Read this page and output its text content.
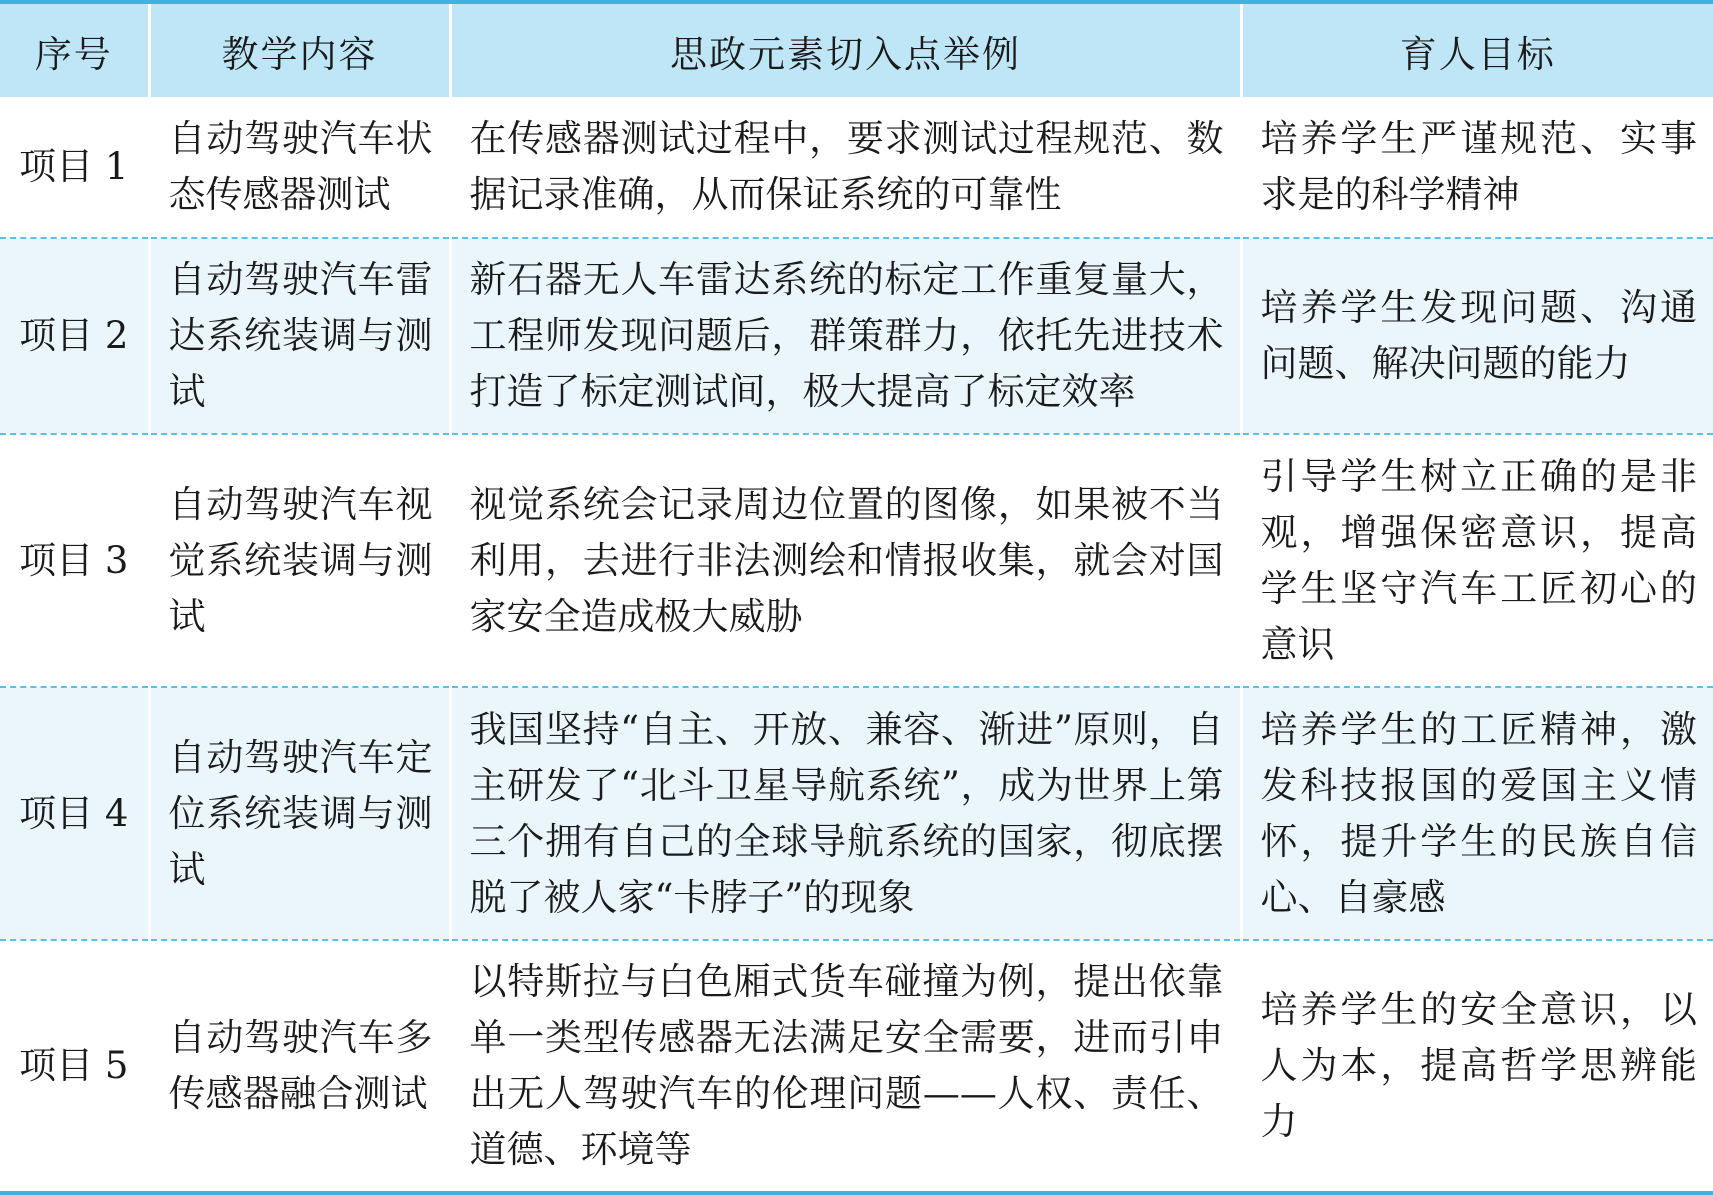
序号	教学内容	思政元素切入点举例	育人目标
项目 1	自动驾驶汽车状态传感器测试	在传感器测试过程中，要求测试过程规范、数据记录准确，从而保证系统的可靠性	培养学生严谨规范、实事求是的科学精神
项目 2	自动驾驶汽车雷达系统装调与测试	新石器无人车雷达系统的标定工作重复量大，工程师发现问题后，群策群力，依托先进技术打造了标定测试间，极大提高了标定效率	培养学生发现问题、沟通问题、解决问题的能力
项目 3	自动驾驶汽车视觉系统装调与测试	视觉系统会记录周边位置的图像，如果被不当利用，去进行非法测绘和情报收集，就会对国家安全造成极大威胁	引导学生树立正确的是非观，增强保密意识，提高学生坚守汽车工匠初心的意识
项目 4	自动驾驶汽车定位系统装调与测试	我国坚持“自主、开放、兼容、渐进”原则，自主研发了“北斗卫星导航系统”，成为世界上第三个拥有自己的全球导航系统的国家，彻底摆脱了被人家“卡脖子”的现象	培养学生的工匠精神，激发科技报国的爱国主义情怀，提升学生的民族自信心、自豪感
项目 5	自动驾驶汽车多传感器融合测试	以特斯拉与白色厢式货车碰撞为例，提出依靠单一类型传感器无法满足安全需要，进而引申出无人驾驶汽车的伦理问题——人权、责任、道德、环境等	培养学生的安全意识，以人为本，提高哲学思辨能力
